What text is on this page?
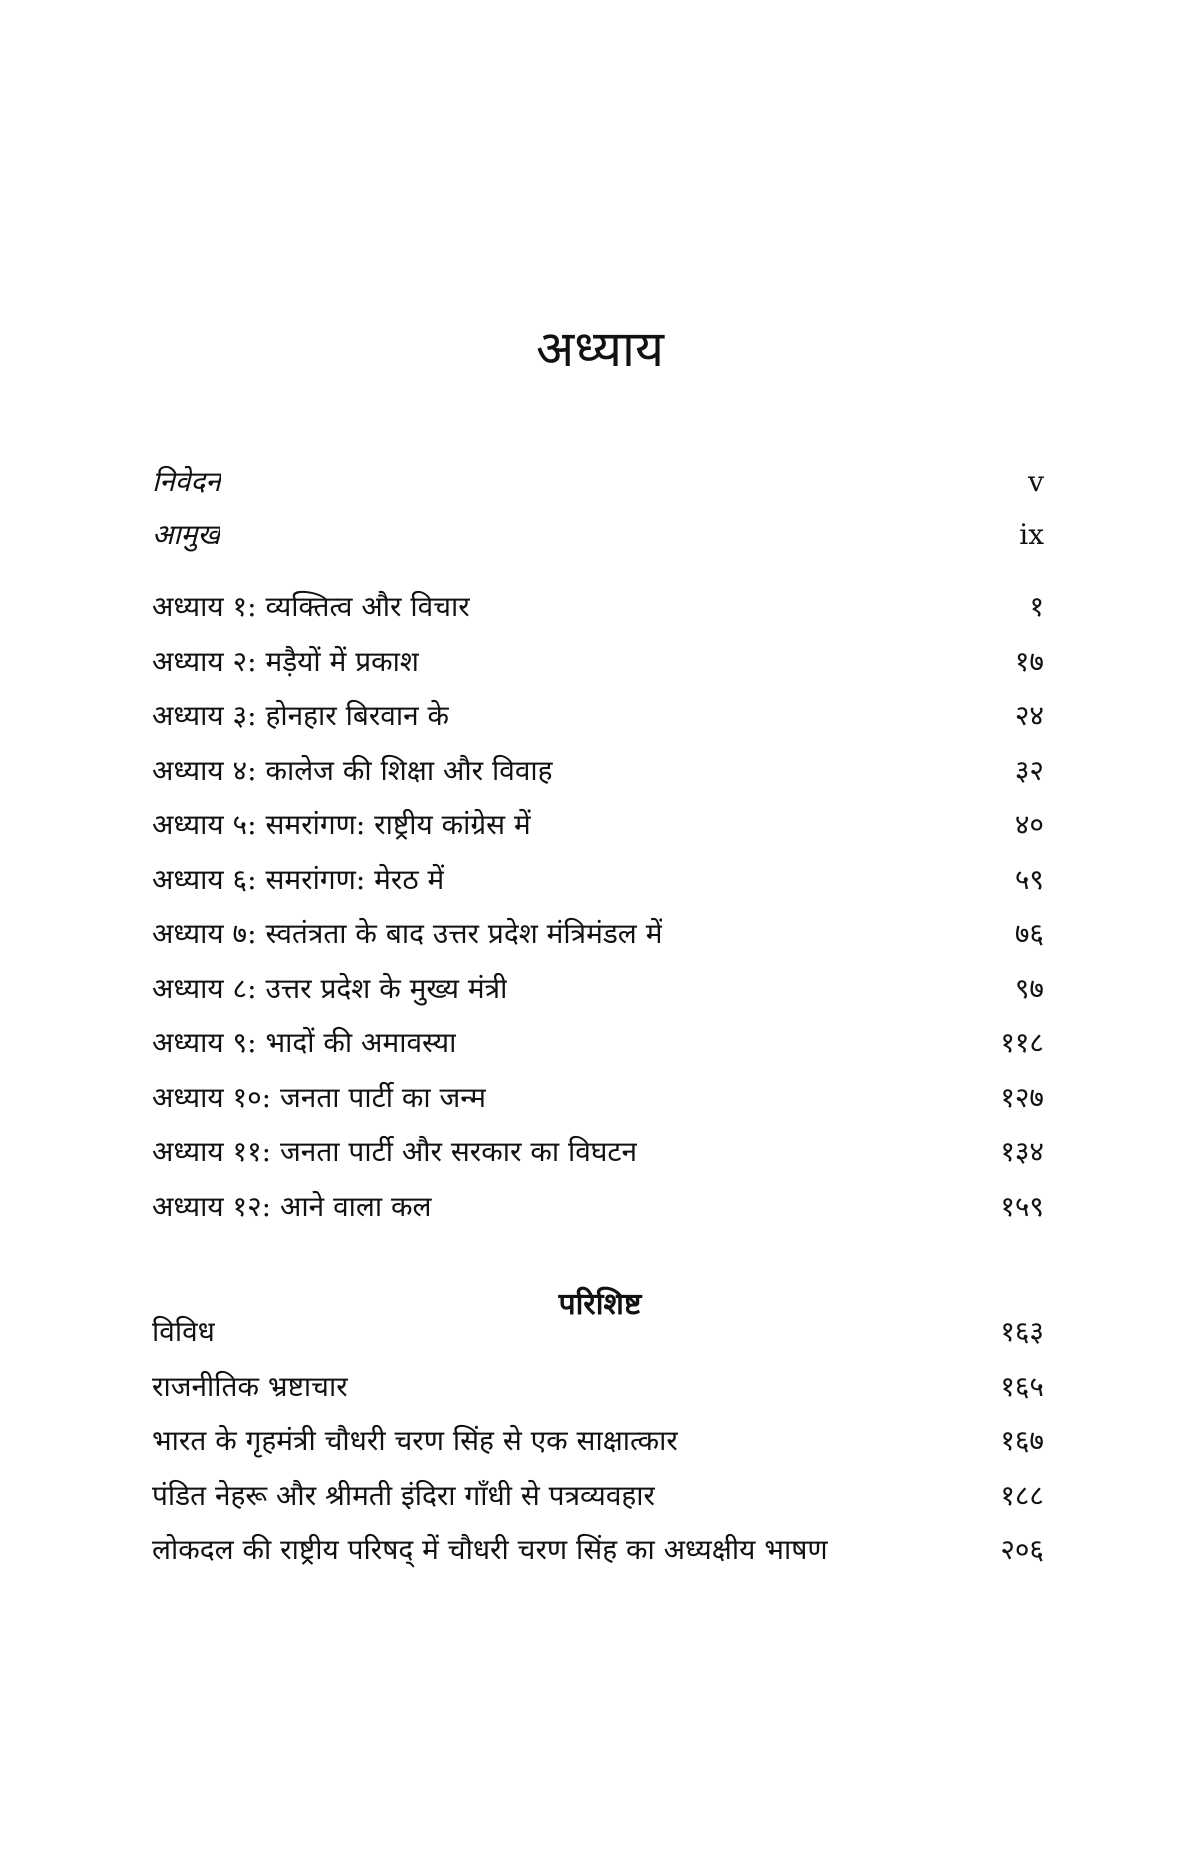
अध्याय
निवेदन	v
आमुख	ix
अध्याय १: व्यक्तित्व और विचार	१
अध्याय २: मड़ैयों में प्रकाश	१७
अध्याय ३: होनहार बिरवान के	२४
अध्याय ४: कालेज की शिक्षा और विवाह	३२
अध्याय ५: समरांगण: राष्ट्रीय कांग्रेस में	४०
अध्याय ६: समरांगण: मेरठ में	५९
अध्याय ७: स्वतंत्रता के बाद उत्तर प्रदेश मंत्रिमंडल में	७६
अध्याय ८: उत्तर प्रदेश के मुख्य मंत्री	९७
अध्याय ९: भादों की अमावस्या	११८
अध्याय १०: जनता पार्टी का जन्म	१२७
अध्याय ११: जनता पार्टी और सरकार का विघटन	१३४
अध्याय १२: आने वाला कल	१५९
परिशिष्ट
विविध	१६३
राजनीतिक भ्रष्टाचार	१६५
भारत के गृहमंत्री चौधरी चरण सिंह से एक साक्षात्कार	१६७
पंडित नेहरू और श्रीमती इंदिरा गाँधी से पत्रव्यवहार	१८८
लोकदल की राष्ट्रीय परिषद् में चौधरी चरण सिंह का अध्यक्षीय भाषण	२०६
